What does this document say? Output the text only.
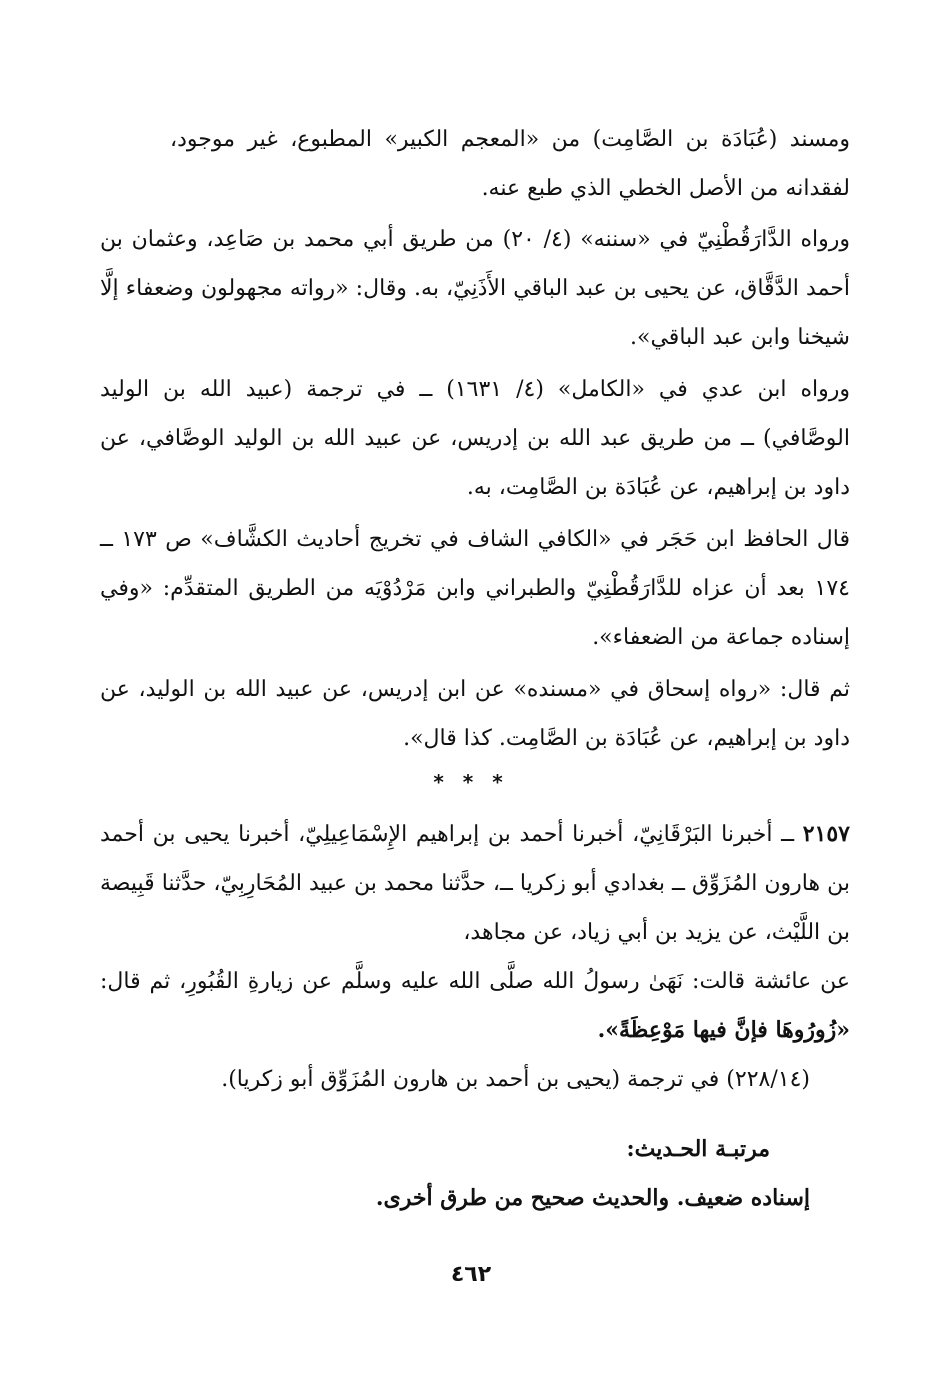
ومسند (عُبَادَة بن الصَّامِت) من «المعجم الكبير» المطبوع، غير موجود، لفقدانه من الأصل الخطي الذي طبع عنه.

ورواه الدَّارَقُطْنِيّ في «سننه» (٤/ ٢٠) من طريق أبي محمد بن صَاعِد، وعثمان بن أحمد الدَّقَّاق، عن يحيى بن عبد الباقي الأَذَنِيّ، به. وقال: «رواته مجهولون وضعفاء إلَّا شيخنا وابن عبد الباقي».

ورواه ابن عدي في «الكامل» (٤/ ١٦٣١) ــ في ترجمة (عبيد الله بن الوليد الوصَّافي) ــ من طريق عبد الله بن إدريس، عن عبيد الله بن الوليد الوصَّافي، عن داود بن إبراهيم، عن عُبَادَة بن الصَّامِت، به.

قال الحافظ ابن حَجَر في «الكافي الشاف في تخريج أحاديث الكشَّاف» ص ١٧٣ ــ ١٧٤ بعد أن عزاه للدَّارَقُطْنِيّ والطبراني وابن مَرْدُوْيَه من الطريق المتقدِّم: «وفي إسناده جماعة من الضعفاء».

ثم قال: «رواه إسحاق في «مسنده» عن ابن إدريس، عن عبيد الله بن الوليد، عن داود بن إبراهيم، عن عُبَادَة بن الصَّامِت. كذا قال».

* * *

٢١٥٧ ــ أخبرنا البَرْقَانِيّ، أخبرنا أحمد بن إبراهيم الإِسْمَاعِيلِيّ، أخبرنا يحيى بن أحمد بن هارون المُزَوِّق ــ بغدادي أبو زكريا ــ، حدَّثنا محمد بن عبيد المُحَارِبِيّ، حدَّثنا قَبِيصة بن اللَّيْث، عن يزيد بن أبي زياد، عن مجاهد،

عن عائشة قالت: نَهَىٰ رسولُ الله صلَّى الله عليه وسلَّم عن زيارةِ القُبُورِ، ثم قال: «زُورُوهَا فإنَّ فيها مَوْعِظَةً».

(٢٢٨/١٤) في ترجمة (يحيى بن أحمد بن هارون المُزَوِّق أبو زكريا).

مرتبـة الحـديث:

إسناده ضعيف. والحديث صحيح من طرق أخرى.

٤٦٢
